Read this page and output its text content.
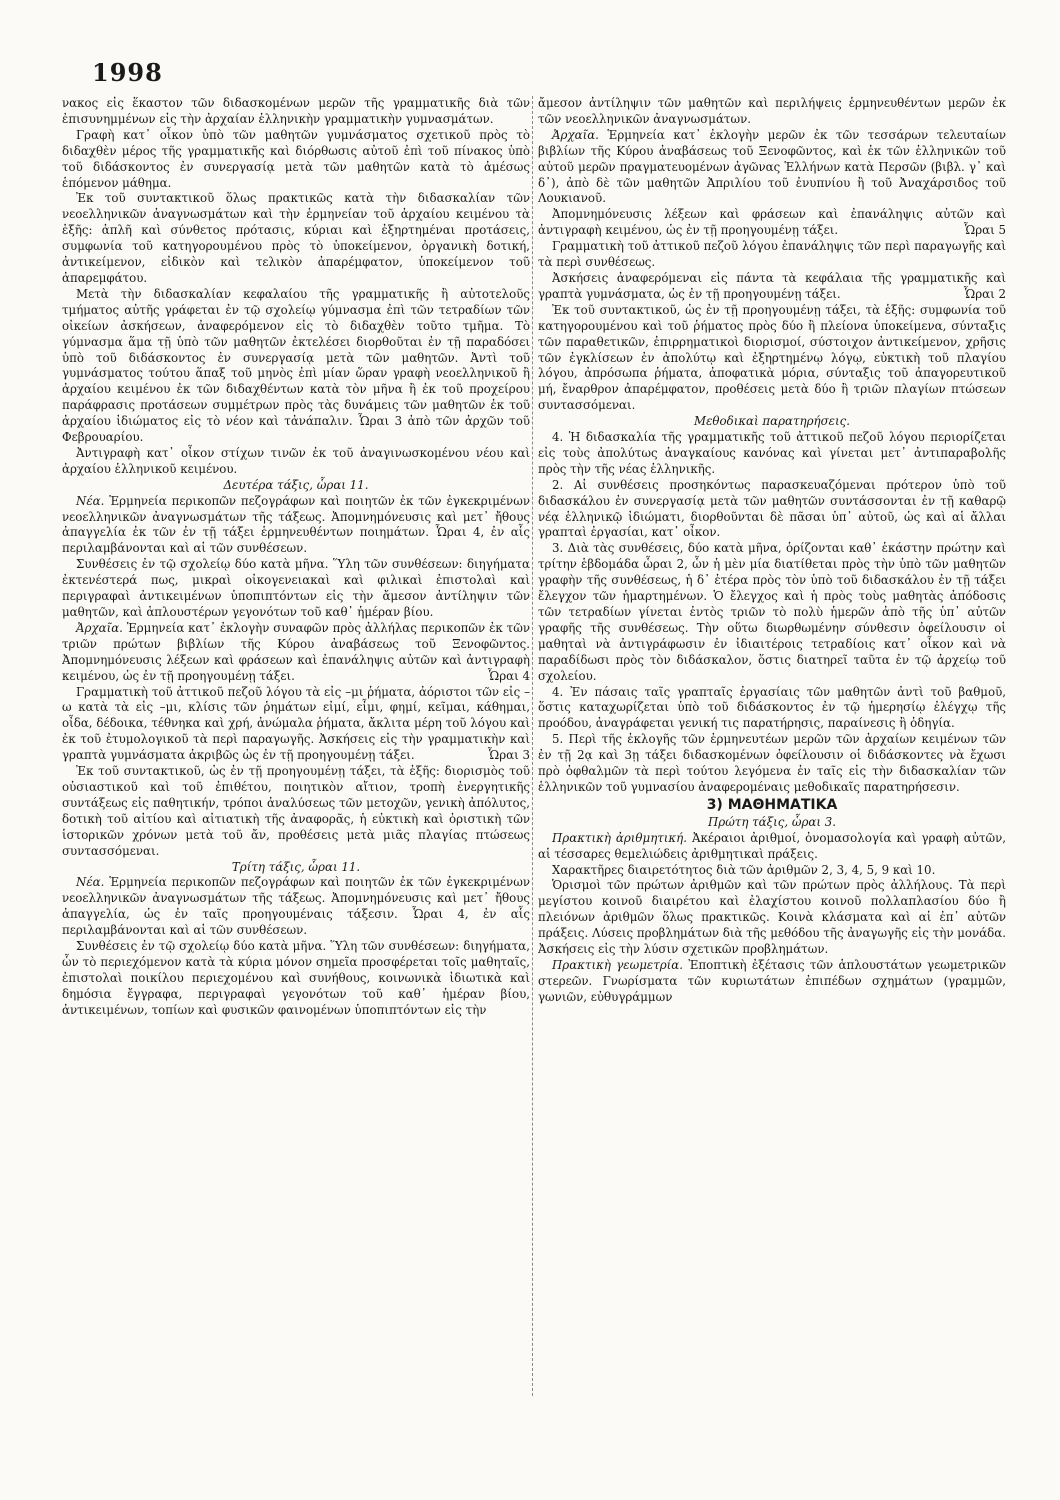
1998

νακος εἰς ἕκαστον τῶν διδασκομένων μερῶν τῆς γραμματικῆς διὰ τῶν ἐπισυνημμένων εἰς τὴν ἀρχαίαν ἑλληνικὴν γραμματικὴν γυμνασμάτων.

Γραφὴ κατ᾽ οἶκον ὑπὸ τῶν μαθητῶν γυμνάσματος σχετικοῦ πρὸς τὸ διδαχθὲν μέρος τῆς γραμματικῆς καὶ διόρθωσις αὐτοῦ ἐπὶ τοῦ πίνακος ὑπὸ τοῦ διδάσκοντος ἐν συνεργασίᾳ μετὰ τῶν μαθητῶν κατὰ τὸ ἀμέσως ἑπόμενον μάθημα.

Ἐκ τοῦ συντακτικοῦ ὅλως πρακτικῶς κατὰ τὴν διδασκαλίαν τῶν νεοελληνικῶν ἀναγνωσμάτων καὶ τὴν ἑρμηνείαν τοῦ ἀρχαίου κειμένου τὰ ἑξῆς: ἁπλῆ καὶ σύνθετος πρότασις, κύριαι καὶ ἐξηρτημέναι προτάσεις, συμφωνία τοῦ κατηγορουμένου πρὸς τὸ ὑποκείμενον, ὀργανικὴ δοτική, ἀντικείμενον, εἰδικὸν καὶ τελικὸν ἀπαρέμφατον, ὑποκείμενον τοῦ ἀπαρεμφάτου.

Μετὰ τὴν διδασκαλίαν κεφαλαίου τῆς γραμματικῆς ἢ αὐτοτελοῦς τμήματος αὐτῆς γράφεται ἐν τῷ σχολείῳ γύμνασμα ἐπὶ τῶν τετραδίων τῶν οἰκείων ἀσκήσεων, ἀναφερόμενον εἰς τὸ διδαχθὲν τοῦτο τμῆμα. Τὸ γύμνασμα ἅμα τῇ ὑπὸ τῶν μαθητῶν ἐκτελέσει διορθοῦται ἐν τῇ παραδόσει ὑπὸ τοῦ διδάσκοντος ἐν συνεργασίᾳ μετὰ τῶν μαθητῶν. Ἀντὶ τοῦ γυμνάσματος τούτου ἅπαξ τοῦ μηνὸς ἐπὶ μίαν ὥραν γραφὴ νεοελληνικοῦ ἢ ἀρχαίου κειμένου ἐκ τῶν διδαχθέντων κατὰ τὸν μῆνα ἢ ἐκ τοῦ προχείρου παράφρασις προτάσεων συμμέτρων πρὸς τὰς δυνάμεις τῶν μαθητῶν ἐκ τοῦ ἀρχαίου ἰδιώματος εἰς τὸ νέον καὶ τἀνάπαλιν. Ὧραι 3 ἀπὸ τῶν ἀρχῶν τοῦ Φεβρουαρίου.

Ἀντιγραφὴ κατ᾽ οἶκον στίχων τινῶν ἐκ τοῦ ἀναγινωσκομένου νέου καὶ ἀρχαίου ἑλληνικοῦ κειμένου.

Δευτέρα τάξις, ὧραι 11.

Νέα. Ἑρμηνεία περικοπῶν πεζογράφων καὶ ποιητῶν ἐκ τῶν ἐγκεκριμένων νεοελληνικῶν ἀναγνωσμάτων τῆς τάξεως. Ἀπομνημόνευσις καὶ μετ᾽ ἤθους ἀπαγγελία ἐκ τῶν ἐν τῇ τάξει ἑρμηνευθέντων ποιημάτων. Ὧραι 4, ἐν αἷς περιλαμβάνονται καὶ αἱ τῶν συνθέσεων.

Συνθέσεις ἐν τῷ σχολείῳ δύο κατὰ μῆνα. Ὕλη τῶν συνθέσεων: διηγήματα ἐκτενέστερά πως, μικραὶ οἰκογενειακαὶ καὶ φιλικαὶ ἐπιστολαὶ καὶ περιγραφαὶ ἀντικειμένων ὑποπιπτόντων εἰς τὴν ἄμεσον ἀντίληψιν τῶν μαθητῶν, καὶ ἁπλουστέρων γεγονότων τοῦ καθ᾽ ἡμέραν βίου.

Ἀρχαῖα. Ἑρμηνεία κατ᾽ ἐκλογὴν συναφῶν πρὸς ἀλλήλας περικοπῶν ἐκ τῶν τριῶν πρώτων βιβλίων τῆς Κύρου ἀναβάσεως τοῦ Ξενοφῶντος. Ἀπομνημόνευσις λέξεων καὶ φράσεων καὶ ἐπανάληψις αὐτῶν καὶ ἀντιγραφὴ κειμένου, ὡς ἐν τῇ προηγουμένῃ τάξει.	Ὧραι 4

Γραμματικὴ τοῦ ἀττικοῦ πεζοῦ λόγου τὰ εἰς –μι ῥήματα, ἀόριστοι τῶν εἰς –ω κατὰ τὰ εἰς –μι, κλίσις τῶν ῥημάτων εἰμί, εἶμι, φημί, κεῖμαι, κάθημαι, οἶδα, δέδοικα, τέθνηκα καὶ χρή, ἀνώμαλα ῥήματα, ἄκλιτα μέρη τοῦ λόγου καὶ ἐκ τοῦ ἐτυμολογικοῦ τὰ περὶ παραγωγῆς. Ἀσκήσεις εἰς τὴν γραμματικὴν καὶ γραπτὰ γυμνάσματα ἀκριβῶς ὡς ἐν τῇ προηγουμένῃ τάξει.	Ὧραι 3

Ἐκ τοῦ συντακτικοῦ, ὡς ἐν τῇ προηγουμένῃ τάξει, τὰ ἑξῆς: διορισμὸς τοῦ οὐσιαστικοῦ καὶ τοῦ ἐπιθέτου, ποιητικὸν αἴτιον, τροπὴ ἐνεργητικῆς συντάξεως εἰς παθητικήν, τρόποι ἀναλύσεως τῶν μετοχῶν, γενικὴ ἀπόλυτος, δοτικὴ τοῦ αἰτίου καὶ αἰτιατικὴ τῆς ἀναφορᾶς, ἡ εὐκτικὴ καὶ ὁριστικὴ τῶν ἱστορικῶν χρόνων μετὰ τοῦ ἄν, προθέσεις μετὰ μιᾶς πλαγίας πτώσεως συντασσόμεναι.

Τρίτη τάξις, ὧραι 11.

Νέα. Ἑρμηνεία περικοπῶν πεζογράφων καὶ ποιητῶν ἐκ τῶν ἐγκεκριμένων νεοελληνικῶν ἀναγνωσμάτων τῆς τάξεως. Ἀπομνημόνευσις καὶ μετ᾽ ἤθους ἀπαγγελία, ὡς ἐν ταῖς προηγουμέναις τάξεσιν. Ὧραι 4, ἐν αἷς περιλαμβάνονται καὶ αἱ τῶν συνθέσεων.

Συνθέσεις ἐν τῷ σχολείῳ δύο κατὰ μῆνα. Ὕλη τῶν συνθέσεων: διηγήματα, ὧν τὸ περιεχόμενον κατὰ τὰ κύρια μόνον σημεῖα προσφέρεται τοῖς μαθηταῖς, ἐπιστολαὶ ποικίλου περιεχομένου καὶ συνήθους, κοινωνικὰ ἰδιωτικὰ καὶ δημόσια ἔγγραφα, περιγραφαὶ γεγονότων τοῦ καθ᾽ ἡμέραν βίου, ἀντικειμένων, τοπίων καὶ φυσικῶν φαινομένων ὑποπιπτόντων εἰς τὴν

ἄμεσον ἀντίληψιν τῶν μαθητῶν καὶ περιλήψεις ἑρμηνευθέντων μερῶν ἐκ τῶν νεοελληνικῶν ἀναγνωσμάτων.

Ἀρχαῖα. Ἑρμηνεία κατ᾽ ἐκλογὴν μερῶν ἐκ τῶν τεσσάρων τελευταίων βιβλίων τῆς Κύρου ἀναβάσεως τοῦ Ξενοφῶντος, καὶ ἐκ τῶν ἑλληνικῶν τοῦ αὐτοῦ μερῶν πραγματευομένων ἀγῶνας Ἑλλήνων κατὰ Περσῶν (βιβλ. γ᾽ καὶ δ᾽), ἀπὸ δὲ τῶν μαθητῶν Ἀπριλίου τοῦ ἐνυπνίου ἢ τοῦ Ἀναχάρσιδος τοῦ Λουκιανοῦ.

Ἀπομνημόνευσις λέξεων καὶ φράσεων καὶ ἐπανάληψις αὐτῶν καὶ ἀντιγραφὴ κειμένου, ὡς ἐν τῇ προηγουμένῃ τάξει.	Ὧραι 5

Γραμματικὴ τοῦ ἀττικοῦ πεζοῦ λόγου ἐπανάληψις τῶν περὶ παραγωγῆς καὶ τὰ περὶ συνθέσεως.

Ἀσκήσεις ἀναφερόμεναι εἰς πάντα τὰ κεφάλαια τῆς γραμματικῆς καὶ γραπτὰ γυμνάσματα, ὡς ἐν τῇ προηγουμένῃ τάξει.	Ὧραι 2

Ἐκ τοῦ συντακτικοῦ, ὡς ἐν τῇ προηγουμένῃ τάξει, τὰ ἑξῆς: συμφωνία τοῦ κατηγορουμένου καὶ τοῦ ῥήματος πρὸς δύο ἢ πλείονα ὑποκείμενα, σύνταξις τῶν παραθετικῶν, ἐπιρρηματικοὶ διορισμοί, σύστοιχον ἀντικείμενον, χρῆσις τῶν ἐγκλίσεων ἐν ἀπολύτῳ καὶ ἐξηρτημένῳ λόγῳ, εὐκτικὴ τοῦ πλαγίου λόγου, ἀπρόσωπα ῥήματα, ἀποφατικὰ μόρια, σύνταξις τοῦ ἀπαγορευτικοῦ μή, ἔναρθρον ἀπαρέμφατον, προθέσεις μετὰ δύο ἢ τριῶν πλαγίων πτώσεων συντασσόμεναι.

Μεθοδικαὶ παρατηρήσεις.

4. Ἡ διδασκαλία τῆς γραμματικῆς τοῦ ἀττικοῦ πεζοῦ λόγου περιορίζεται εἰς τοὺς ἀπολύτως ἀναγκαίους κανόνας καὶ γίνεται μετ᾽ ἀντιπαραβολῆς πρὸς τὴν τῆς νέας ἑλληνικῆς.

2. Αἱ συνθέσεις προσηκόντως παρασκευαζόμεναι πρότερον ὑπὸ τοῦ διδασκάλου ἐν συνεργασίᾳ μετὰ τῶν μαθητῶν συντάσσονται ἐν τῇ καθαρῷ νέᾳ ἑλληνικῷ ἰδιώματι, διορθοῦνται δὲ πᾶσαι ὑπ᾽ αὐτοῦ, ὡς καὶ αἱ ἄλλαι γραπταὶ ἐργασίαι, κατ᾽ οἶκον.

3. Διὰ τὰς συνθέσεις, δύο κατὰ μῆνα, ὁρίζονται καθ᾽ ἑκάστην πρώτην καὶ τρίτην ἑβδομάδα ὧραι 2, ὧν ἡ μὲν μία διατίθεται πρὸς τὴν ὑπὸ τῶν μαθητῶν γραφὴν τῆς συνθέσεως, ἡ δ᾽ ἑτέρα πρὸς τὸν ὑπὸ τοῦ διδασκάλου ἐν τῇ τάξει ἔλεγχον τῶν ἡμαρτημένων. Ὁ ἔλεγχος καὶ ἡ πρὸς τοὺς μαθητὰς ἀπόδοσις τῶν τετραδίων γίνεται ἐντὸς τριῶν τὸ πολὺ ἡμερῶν ἀπὸ τῆς ὑπ᾽ αὐτῶν γραφῆς τῆς συνθέσεως. Τὴν οὕτω διωρθωμένην σύνθεσιν ὀφείλουσιν οἱ μαθηταὶ νὰ ἀντιγράφωσιν ἐν ἰδιαιτέροις τετραδίοις κατ᾽ οἶκον καὶ νὰ παραδίδωσι πρὸς τὸν διδάσκαλον, ὅστις διατηρεῖ ταῦτα ἐν τῷ ἀρχείῳ τοῦ σχολείου.

4. Ἐν πάσαις ταῖς γραπταῖς ἐργασίαις τῶν μαθητῶν ἀντὶ τοῦ βαθμοῦ, ὅστις καταχωρίζεται ὑπὸ τοῦ διδάσκοντος ἐν τῷ ἡμερησίῳ ἐλέγχῳ τῆς προόδου, ἀναγράφεται γενική τις παρατήρησις, παραίνεσις ἢ ὁδηγία.

5. Περὶ τῆς ἐκλογῆς τῶν ἑρμηνευτέων μερῶν τῶν ἀρχαίων κειμένων τῶν ἐν τῇ 2ᾳ καὶ 3ῃ τάξει διδασκομένων ὀφείλουσιν οἱ διδάσκοντες νὰ ἔχωσι πρὸ ὀφθαλμῶν τὰ περὶ τούτου λεγόμενα ἐν ταῖς εἰς τὴν διδασκαλίαν τῶν ἑλληνικῶν τοῦ γυμνασίου ἀναφερομέναις μεθοδικαῖς παρατηρήσεσιν.

3) ΜΑΘΗΜΑΤΙΚΑ

Πρώτη τάξις, ὧραι 3.

Πρακτικὴ ἀριθμητική. Ἀκέραιοι ἀριθμοί, ὀνομασολογία καὶ γραφὴ αὐτῶν, αἱ τέσσαρες θεμελιώδεις ἀριθμητικαὶ πράξεις.

Χαρακτῆρες διαιρετότητος διὰ τῶν ἀριθμῶν 2, 3, 4, 5, 9 καὶ 10.

Ὁρισμοὶ τῶν πρώτων ἀριθμῶν καὶ τῶν πρώτων πρὸς ἀλλήλους. Τὰ περὶ μεγίστου κοινοῦ διαιρέτου καὶ ἐλαχίστου κοινοῦ πολλαπλασίου δύο ἢ πλειόνων ἀριθμῶν ὅλως πρακτικῶς. Κοινὰ κλάσματα καὶ αἱ ἐπ᾽ αὐτῶν πράξεις. Λύσεις προβλημάτων διὰ τῆς μεθόδου τῆς ἀναγωγῆς εἰς τὴν μονάδα. Ἀσκήσεις εἰς τὴν λύσιν σχετικῶν προβλημάτων.

Πρακτικὴ γεωμετρία. Ἐποπτικὴ ἐξέτασις τῶν ἁπλουστάτων γεωμετρικῶν στερεῶν. Γνωρίσματα τῶν κυριωτάτων ἐπιπέδων σχημάτων (γραμμῶν, γωνιῶν, εὐθυγράμμων
